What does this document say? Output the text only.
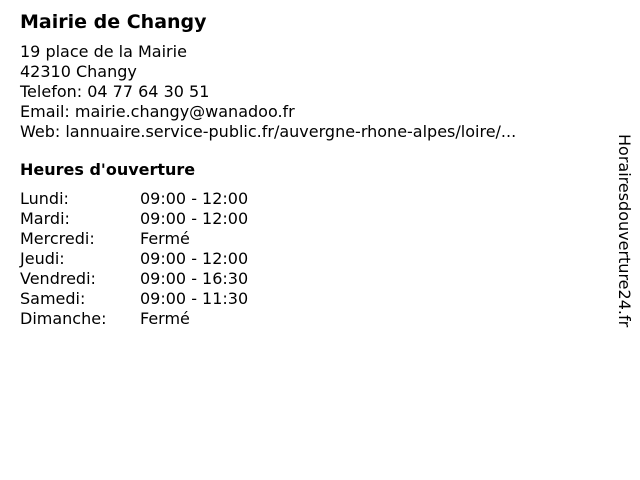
Mairie de Changy
19 place de la Mairie
42310 Changy
Telefon: 04 77 64 30 51
Email: mairie.changy@wanadoo.fr
Web: lannuaire.service-public.fr/auvergne-rhone-alpes/loire/...
Heures d'ouverture
Lundi:	09:00 - 12:00
Mardi:	09:00 - 12:00
Mercredi:	Fermé
Jeudi:	09:00 - 12:00
Vendredi:	09:00 - 16:30
Samedi:	09:00 - 11:30
Dimanche:	Fermé	Horairesdouverture24.fr
